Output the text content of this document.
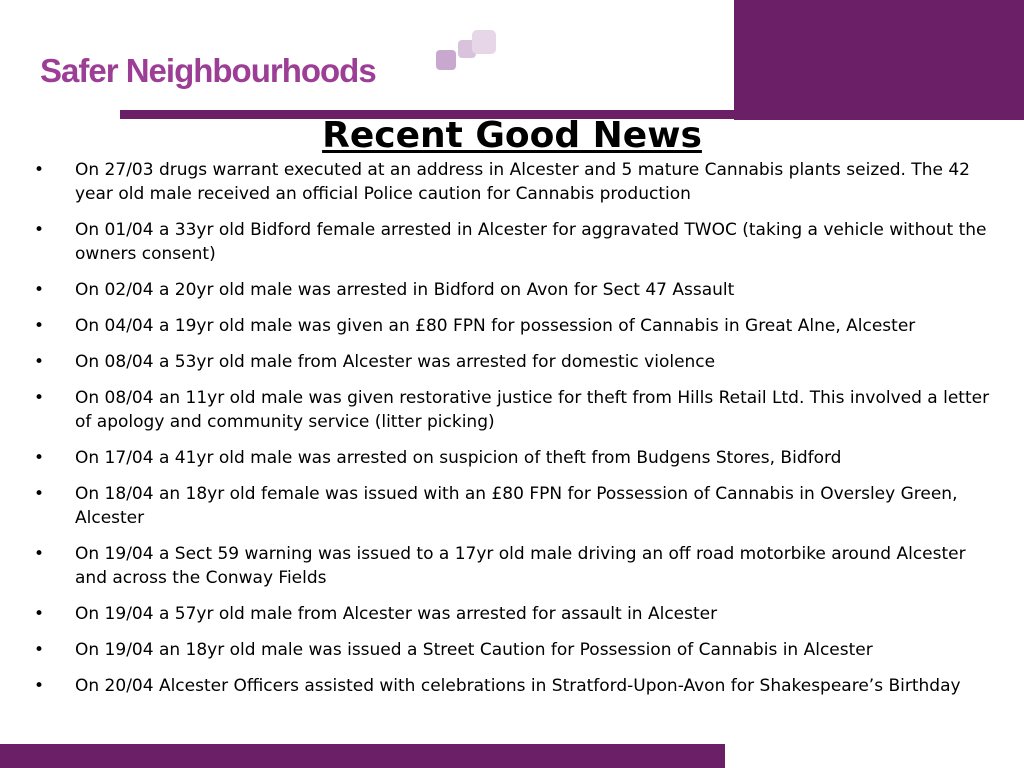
Safer Neighbourhoods
Recent Good News
• On 27/03 drugs warrant executed at an address in Alcester and 5 mature Cannabis plants seized. The 42 year old male received an official Police caution for Cannabis production
• On 01/04 a 33yr old Bidford female arrested in Alcester for aggravated TWOC (taking a vehicle without the owners consent)
• On 02/04 a 20yr old male was arrested in Bidford on Avon for Sect 47 Assault
• On 04/04 a 19yr old male was given an £80 FPN for possession of Cannabis in Great Alne, Alcester
• On 08/04 a 53yr old male from Alcester was arrested for domestic violence
• On 08/04 an 11yr old male was given restorative justice for theft from Hills Retail Ltd. This involved a letter of apology and community service (litter picking)
• On 17/04 a 41yr old male was arrested on suspicion of theft from Budgens Stores, Bidford
• On 18/04 an 18yr old female was issued with an £80 FPN for Possession of Cannabis in Oversley Green, Alcester
• On 19/04 a Sect 59 warning was issued to a 17yr old male driving an off road motorbike around Alcester and across the Conway Fields
• On 19/04 a 57yr old male from Alcester was arrested for assault in Alcester
• On 19/04 an 18yr old male was issued a Street Caution for Possession of Cannabis in Alcester
• On 20/04 Alcester Officers assisted with celebrations in Stratford-Upon-Avon for Shakespeare’s Birthday
